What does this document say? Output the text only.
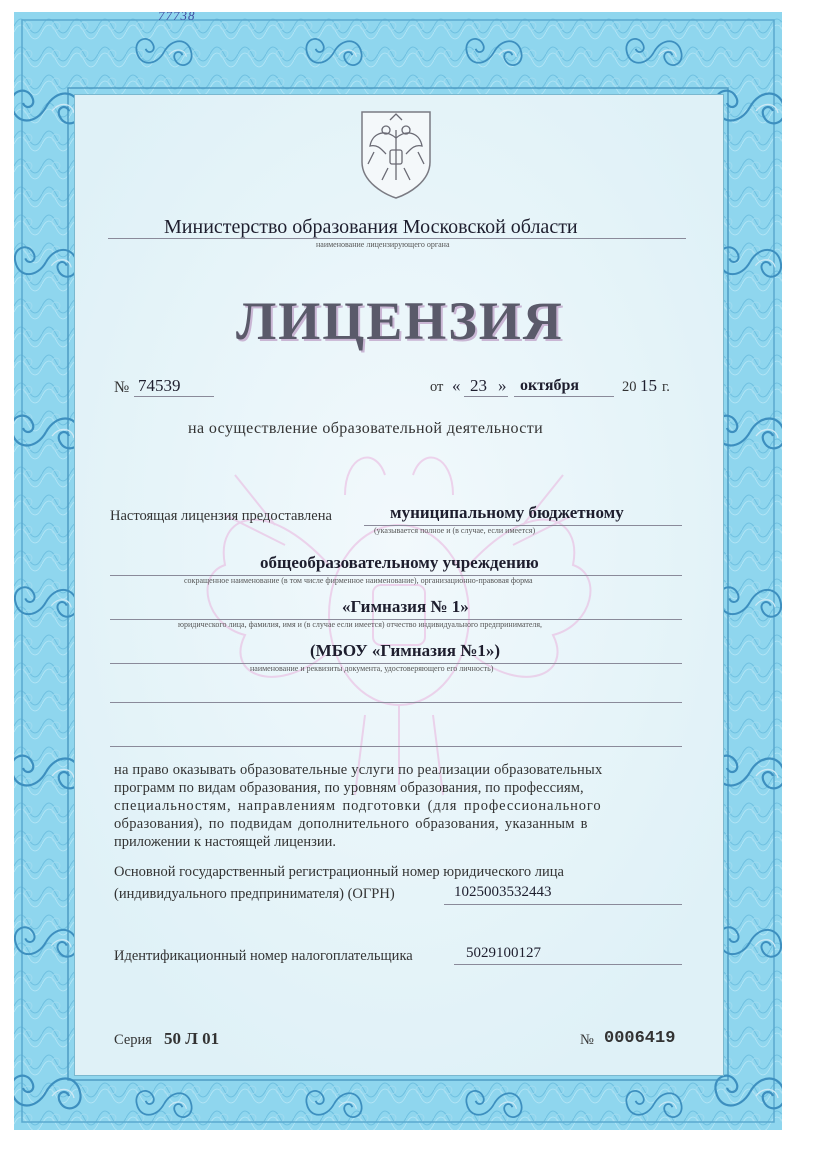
Министерство образования Московской области
наименование лицензирующего органа
ЛИЦЕНЗИЯ
№ 74539	от « 23 » октября	20 15 г.
на осуществление образовательной деятельности
Настоящая лицензия предоставлена	муниципальному бюджетному
(указывается полное и (в случае, если имеется)
общеобразовательному учреждению
сокращенное наименование (в том числе фирменное наименование), организационно-правовая форма
«Гимназия № 1»
юридического лица, фамилия, имя и (в случае если имеется) отчество индивидуального предпринимателя,
(МБОУ «Гимназия №1»)
наименование и реквизиты документа, удостоверяющего его личность)
на право оказывать образовательные услуги по реализации образовательных
программ по видам образования, по уровням образования, по профессиям,
специальностям, направлениям подготовки (для профессионального
образования), по подвидам дополнительного образования, указанным в
приложении к настоящей лицензии.
Основной государственный регистрационный номер юридического лица
(индивидуального предпринимателя) (ОГРН)	1025003532443
Идентификационный номер налогоплательщика	5029100127
Серия 50 Л 01	№ 0006419
77738
